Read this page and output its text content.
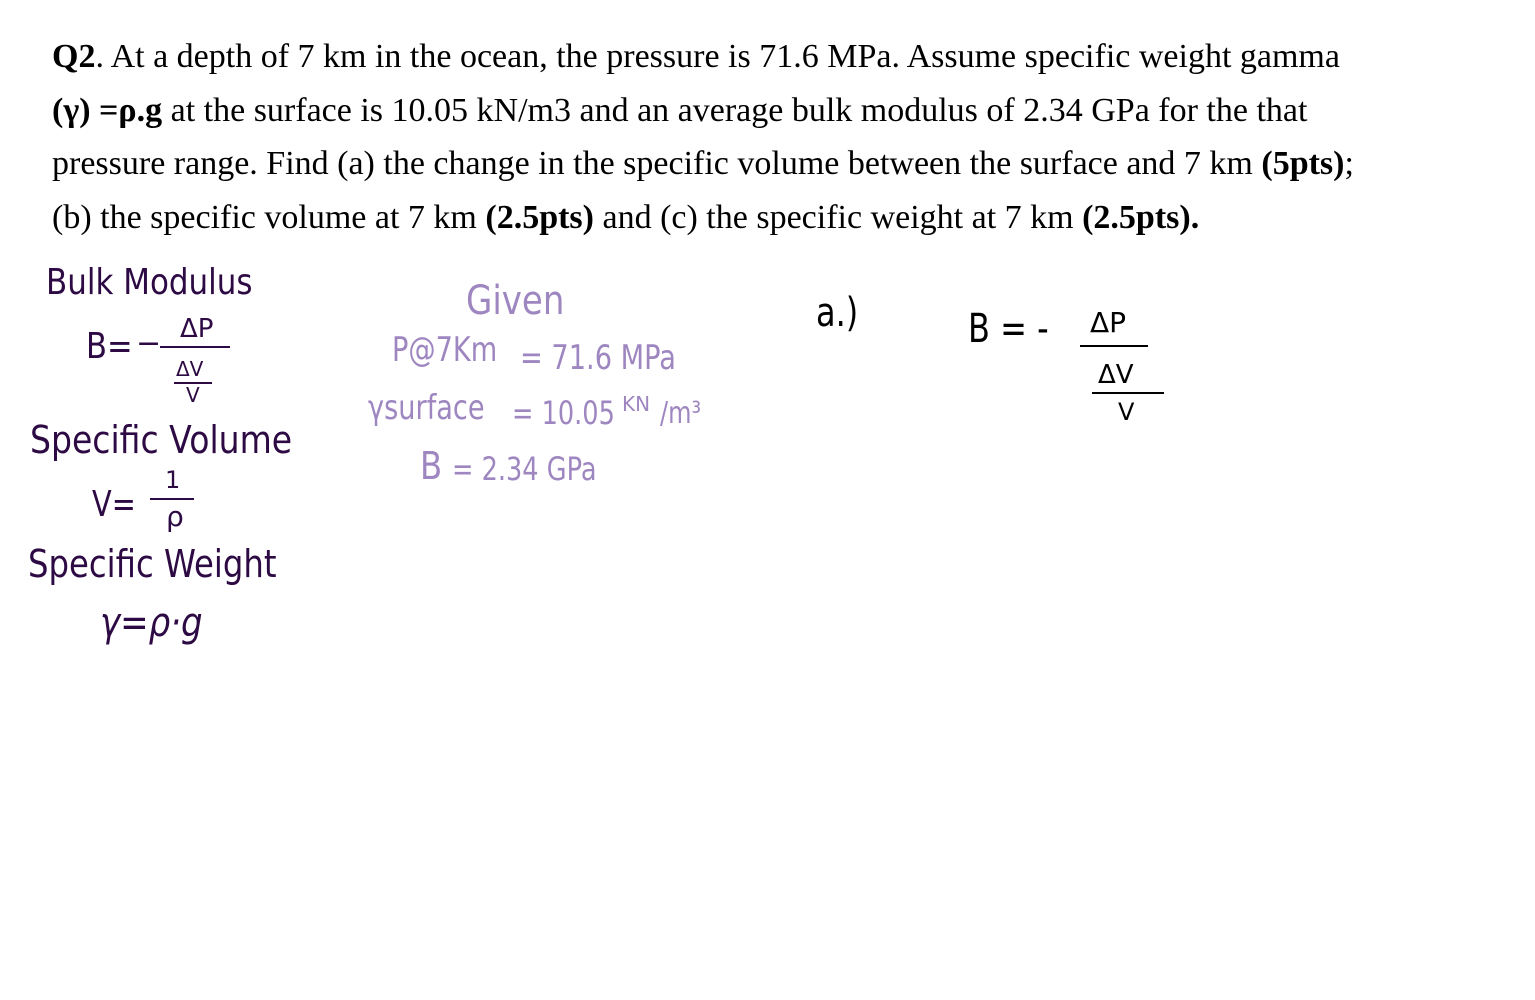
Q2. At a depth of 7 km in the ocean, the pressure is 71.6 MPa. Assume specific weight gamma
(γ) =ρ.g at the surface is 10.05 kN/m3 and an average bulk modulus of 2.34 GPa for the that
pressure range. Find (a) the change in the specific volume between the surface and 7 km (5pts);
(b) the specific volume at 7 km (2.5pts) and (c) the specific weight at 7 km (2.5pts).
Bulk Modulus
B= − ΔP
ΔV
V
Specific Volume
V=
1
ρ
Specific Weight
γ=ρ·g
Given
P@7Km = 71.6 MPa
γsurface = 10.05 KN /m³
B = 2.34 GPa
a.)	B = - ΔP
ΔV
V
